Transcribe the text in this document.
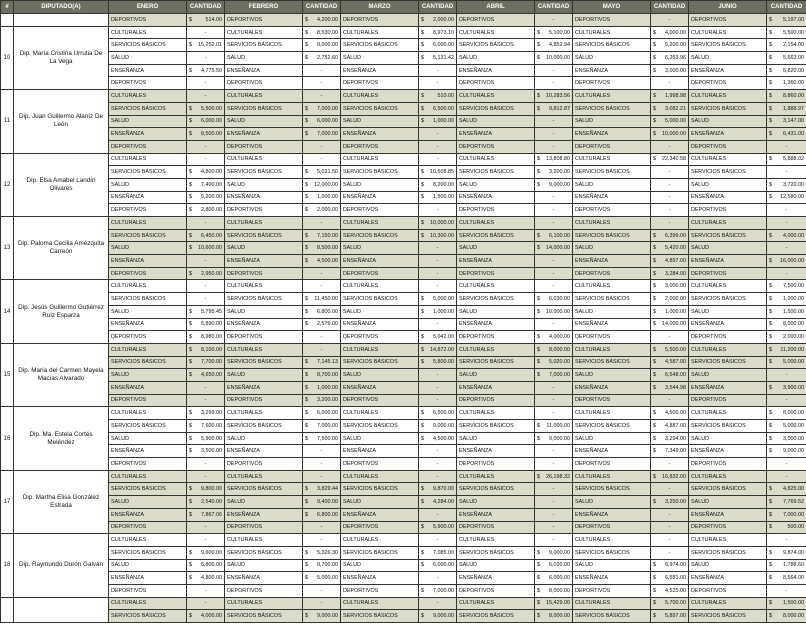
#	DIPUTADO(A)	ENERO	CANTIDAD	FEBRERO	CANTIDAD	MARZO	CANTIDAD	ABRIL	CANTIDAD	MAYO	CANTIDAD	JUNIO	CANTIDAD
		DEPORTIVOS	$ 514.00	DEPORTIVOS	$ 4,200.00	DEPORTIVOS	$ 2,000.00	DEPORTIVOS	-	DEPORTIVOS	-	DEPORTIVOS	$ 5,197.00

10	Dip. María Cristina Urrutia De La Vega	CULTURALES	-	CULTURALES	$ 8,530.00	CULTURALES	$ 8,973.10	CULTURALES	$ 5,100.00	CULTURALES	$ 4,000.00	CULTURALES	$ 5,500.00

		SERVICIOS BÁSICOS	$ 15,252.01	SERVICIOS BÁSICOS	$ 9,000.00	SERVICIOS BÁSICOS	$ 6,000.00	SERVICIOS BÁSICOS	$ 4,852.94	SERVICIOS BÁSICOS	$ 5,200.00	SERVICIOS BÁSICOS	$ 2,154.00

		SALUD	-	SALUD	$ 2,752.60	SALUD	$ 5,131.42	SALUD	$ 10,000.00	SALUD	$ 6,263.96	SALUD	$ 5,663.00

		ENSEÑANZA	$ 4,775.50	ENSEÑANZA	-	ENSEÑANZA	-	ENSEÑANZA	-	ENSEÑANZA	$ 3,000.00	ENSEÑANZA	$ 5,820.00

		DEPORTIVOS	-	DEPORTIVOS	-	DEPORTIVOS	-	DEPORTIVOS	-	DEPORTIVOS	-	DEPORTIVOS	$ 1,360.00

11	Dip. Juan Guillermo Alaníz De León	CULTURALES	-	CULTURALES	-	CULTURALES	$ 510.00	CULTURALES	$ 10,283.56	CULTURALES	$ 1,998.98	CULTURALES	$ 8,860.00

		SERVICIOS BÁSICOS	$ 5,500.00	SERVICIOS BÁSICOS	$ 7,000.00	SERVICIOS BÁSICOS	$ 6,500.00	SERVICIOS BÁSICOS	$ 9,812.87	SERVICIOS BÁSICOS	$ 3,082.21	SERVICIOS BÁSICOS	$ 1,888.97

		SALUD	$ 6,000.00	SALUD	$ 6,000.00	SALUD	$ 1,000.00	SALUD	-	SALUD	$ 5,000.00	SALUD	$ 3,147.00

		ENSEÑANZA	$ 8,500.00	ENSEÑANZA	$ 7,000.00	ENSEÑANZA	-	ENSEÑANZA	-	ENSEÑANZA	$ 10,000.00	ENSEÑANZA	$ 6,431.00

		DEPORTIVOS	-	DEPORTIVOS	-	DEPORTIVOS	-	DEPORTIVOS	-	DEPORTIVOS	-	DEPORTIVOS	-
12	Dip. Elsa Amabel Landín Olivares	CULTURALES	-	CULTURALES	-	CULTURALES	-	CULTURALES	$ 13,808.80	CULTURALES	$ 22,340.58	CULTURALES	$ 5,888.02

		SERVICIOS BÁSICOS	$ 4,800.00	SERVICIOS BÁSICOS	$ 5,021.50	SERVICIOS BÁSICOS	$ 10,508.85	SERVICIOS BÁSICOS	$ 3,200.00	SERVICIOS BÁSICOS	-	SERVICIOS BÁSICOS	-
		SALUD	$ 7,400.00	SALUD	$ 12,000.00	SALUD	$ 8,200.00	SALUD	$ 9,000.00	SALUD	-	SALUD	$ 3,720.00

		ENSEÑANZA	$ 5,200.00	ENSEÑANZA	$ 1,000.00	ENSEÑANZA	$ 1,500.00	ENSEÑANZA	-	ENSEÑANZA	-	ENSEÑANZA	$ 12,580.00

		DEPORTIVOS	$ 2,800.00	DEPORTIVOS	$ 2,000.00	DEPORTIVOS	-	DEPORTIVOS	-	DEPORTIVOS	-	DEPORTIVOS	-
13	Dip. Paloma Cecilia Amézquita Carreón	CULTURALES	-	CULTURALES	-	CULTURALES	$ 10,000.00	CULTURALES	-	CULTURALES	-	CULTURALES	-
		SERVICIOS BÁSICOS	$ 6,450.00	SERVICIOS BÁSICOS	$ 7,150.00	SERVICIOS BÁSICOS	$ 10,300.00	SERVICIOS BÁSICOS	$ 6,100.00	SERVICIOS BÁSICOS	$ 6,399.00	SERVICIOS BÁSICOS	$ 4,000.00

		SALUD	$ 10,600.00	SALUD	$ 8,500.00	SALUD	-	SALUD	$ 14,000.00	SALUD	$ 5,420.00	SALUD	-
		ENSEÑANZA	-	ENSEÑANZA	$ 4,500.00	ENSEÑANZA	-	ENSEÑANZA	-	ENSEÑANZA	$ 4,897.00	ENSEÑANZA	$ 16,000.00

		DEPORTIVOS	$ 2,950.00	DEPORTIVOS	-	DEPORTIVOS	-	DEPORTIVOS	-	DEPORTIVOS	$ 3,284.00	DEPORTIVOS	-
14	Dip. Jesús Guillermo Gutiérrez Ruiz Esparza	CULTURALES	-	CULTURALES	-	CULTURALES	-	CULTURALES	-	CULTURALES	$ 3,000.00	CULTURALES	$ 7,500.00

		SERVICIOS BÁSICOS	-	SERVICIOS BÁSICOS	$ 11,450.00	SERVICIOS BÁSICOS	$ 5,000.00	SERVICIOS BÁSICOS	$ 6,030.00	SERVICIOS BÁSICOS	$ 2,000.00	SERVICIOS BÁSICOS	$ 1,000.00

		SALUD	$ 5,795.45	SALUD	$ 6,800.00	SALUD	$ 1,000.00	SALUD	$ 10,000.00	SALUD	$ 1,000.00	SALUD	$ 1,500.00

		ENSEÑANZA	$ 5,890.00	ENSEÑANZA	$ 2,579.00	ENSEÑANZA	-	ENSEÑANZA	-	ENSEÑANZA	$ 14,000.00	ENSEÑANZA	$ 8,000.00

		DEPORTIVOS	$ 8,980.00	DEPORTIVOS	-	DEPORTIVOS	$ 5,042.00	DEPORTIVOS	$ 4,000.00	DEPORTIVOS	-	DEPORTIVOS	$ 2,000.00

15	Dip. María del Carmen Mayela Macías Alvarado	CULTURALES	$ 8,100.00	CULTURALES	-	CULTURALES	$ 14,872.00	CULTURALES	$ 8,000.00	CULTURALES	$ 5,500.00	CULTURALES	$ 11,200.00

		SERVICIOS BÁSICOS	$ 7,700.00	SERVICIOS BÁSICOS	$ 7,145.13	SERVICIOS BÁSICOS	$ 5,800.00	SERVICIOS BÁSICOS	$ 5,020.00	SERVICIOS BÁSICOS	$ 4,587.00	SERVICIOS BÁSICOS	$ 5,000.00

		SALUD	$ 4,650.00	SALUD	$ 8,700.00	SALUD	-	SALUD	$ 7,000.00	SALUD	$ 6,548.00	SALUD	-
		ENSEÑANZA	-	ENSEÑANZA	$ 1,000.00	ENSEÑANZA	-	ENSEÑANZA	-	ENSEÑANZA	$ 3,544.98	ENSEÑANZA	$ 3,900.00

		DEPORTIVOS	-	DEPORTIVOS	$ 3,200.00	DEPORTIVOS	-	DEPORTIVOS	-	DEPORTIVOS	-	DEPORTIVOS	-
16	Dip. Ma. Estela Cortés Meléndez	CULTURALES	$ 3,299.00	CULTURALES	$ 6,000.00	CULTURALES	$ 6,500.00	CULTURALES	-	CULTURALES	$ 4,500.00	CULTURALES	$ 8,000.00

		SERVICIOS BÁSICOS	$ 7,600.00	SERVICIOS BÁSICOS	$ 7,000.00	SERVICIOS BÁSICOS	$ 9,000.00	SERVICIOS BÁSICOS	$ 11,000.00	SERVICIOS BÁSICOS	$ 4,887.00	SERVICIOS BÁSICOS	$ 5,000.00

		SALUD	$ 5,900.00	SALUD	$ 7,500.00	SALUD	$ 4,500.00	SALUD	$ 9,000.00	SALUD	$ 3,294.00	SALUD	$ 3,000.00

		ENSEÑANZA	$ 3,500.00	ENSEÑANZA	-	ENSEÑANZA	-	ENSEÑANZA	-	ENSEÑANZA	$ 7,349.00	ENSEÑANZA	$ 9,000.00

		DEPORTIVOS	-	DEPORTIVOS	-	DEPORTIVOS	-	DEPORTIVOS	-	DEPORTIVOS	-	DEPORTIVOS	-
17	Dip. Martha Elisa González Estrada	CULTURALES	-	CULTURALES	-	CULTURALES	-	CULTURALES	$ 26,198.32	CULTURALES	$ 16,832.00	CULTURALES	-
		SERVICIOS BÁSICOS	$ 9,800.00	SERVICIOS BÁSICOS	$ 3,829.44	SERVICIOS BÁSICOS	$ 9,870.00	SERVICIOS BÁSICOS	-	SERVICIOS BÁSICOS	-	SERVICIOS BÁSICOS	$ 4,825.00

		SALUD	$ 2,540.00	SALUD	$ 9,400.00	SALUD	$ 4,284.00	SALUD	-	SALUD	$ 3,250.00	SALUD	$ 7,769.52

		ENSEÑANZA	$ 7,867.06	ENSEÑANZA	$ 6,800.00	ENSEÑANZA	-	ENSEÑANZA	-	ENSEÑANZA	-	ENSEÑANZA	$ 7,000.00

		DEPORTIVOS	-	DEPORTIVOS	-	DEPORTIVOS	$ 5,900.00	DEPORTIVOS	-	DEPORTIVOS	-	DEPORTIVOS	$ 500.00

18	Dip. Raymundo Durón Galván	CULTURALES	-	CULTURALES	-	CULTURALES	-	CULTURALES	-	CULTURALES	-	CULTURALES	-
		SERVICIOS BÁSICOS	$ 9,600.00	SERVICIOS BÁSICOS	$ 5,326.30	SERVICIOS BÁSICOS	$ 7,085.00	SERVICIOS BÁSICOS	$ 9,000.00	SERVICIOS BÁSICOS	-	SERVICIOS BÁSICOS	$ 9,874.00

		SALUD	$ 5,800.00	SALUD	$ 9,700.00	SALUD	$ 6,000.00	SALUD	$ 6,020.00	SALUD	$ 6,974.00	SALUD	$ 1,788.60

		ENSEÑANZA	$ 4,800.00	ENSEÑANZA	$ 5,000.00	ENSEÑANZA	-	ENSEÑANZA	$ 6,000.00	ENSEÑANZA	$ 6,581.00	ENSEÑANZA	$ 8,564.00

		DEPORTIVOS	-	DEPORTIVOS	-	DEPORTIVOS	$ 7,000.00	DEPORTIVOS	$ 8,000.00	DEPORTIVOS	$ 4,525.00	DEPORTIVOS	-
		CULTURALES	-	CULTURALES	-	CULTURALES	-	CULTURALES	$ 15,429.00	CULTURALES	$ 5,700.00	CULTURALES	$ 1,500.00

		SERVICIOS BÁSICOS	$ 4,000.00	SERVICIOS BÁSICOS	$ 9,000.00	SERVICIOS BÁSICOS	$ 9,000.00	SERVICIOS BÁSICOS	$ 8,000.00	SERVICIOS BÁSICOS	$ 5,897.00	SERVICIOS BÁSICOS	$ 8,000.00
